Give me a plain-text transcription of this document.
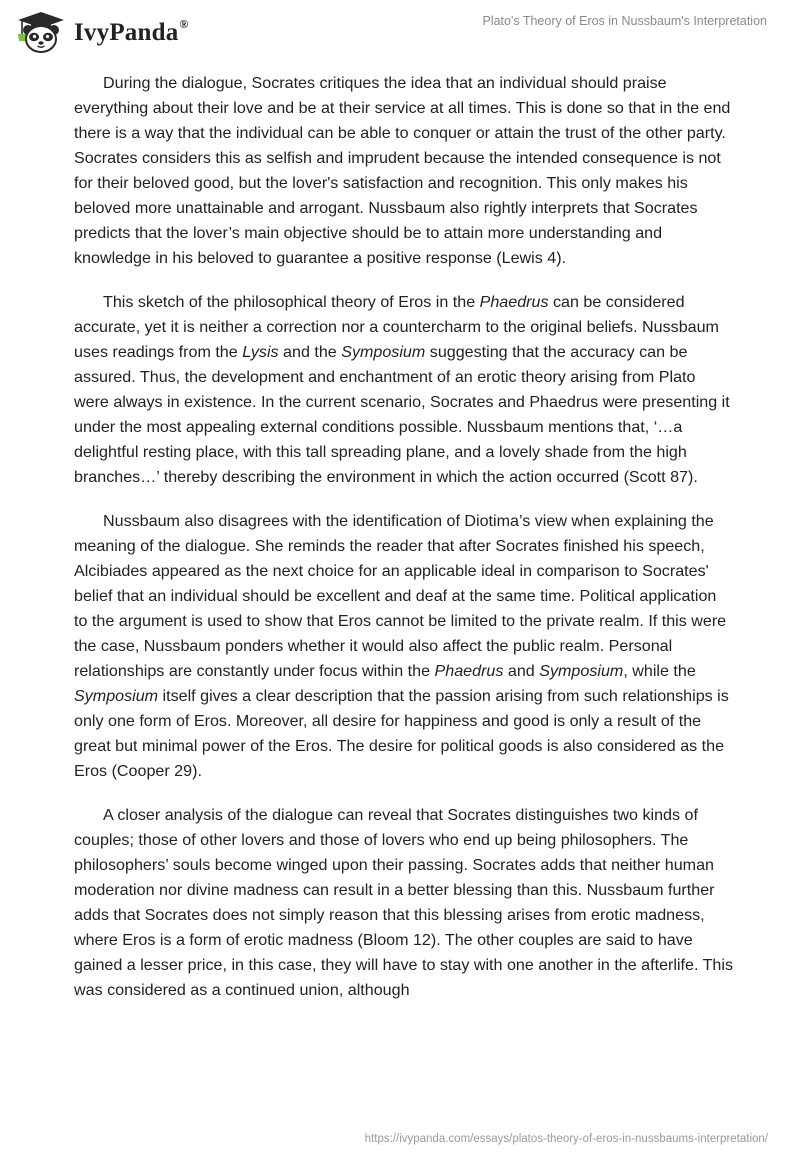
IvyPanda®	Plato's Theory of Eros in Nussbaum's Interpretation

During the dialogue, Socrates critiques the idea that an individual should praise everything about their love and be at their service at all times. This is done so that in the end there is a way that the individual can be able to conquer or attain the trust of the other party. Socrates considers this as selfish and imprudent because the intended consequence is not for their beloved good, but the lover's satisfaction and recognition. This only makes his beloved more unattainable and arrogant. Nussbaum also rightly interprets that Socrates predicts that the lover’s main objective should be to attain more understanding and knowledge in his beloved to guarantee a positive response (Lewis 4).

This sketch of the philosophical theory of Eros in the Phaedrus can be considered accurate, yet it is neither a correction nor a countercharm to the original beliefs. Nussbaum uses readings from the Lysis and the Symposium suggesting that the accuracy can be assured. Thus, the development and enchantment of an erotic theory arising from Plato were always in existence. In the current scenario, Socrates and Phaedrus were presenting it under the most appealing external conditions possible. Nussbaum mentions that, ‘…a delightful resting place, with this tall spreading plane, and a lovely shade from the high branches…’ thereby describing the environment in which the action occurred (Scott 87).

Nussbaum also disagrees with the identification of Diotima’s view when explaining the meaning of the dialogue. She reminds the reader that after Socrates finished his speech, Alcibiades appeared as the next choice for an applicable ideal in comparison to Socrates' belief that an individual should be excellent and deaf at the same time. Political application to the argument is used to show that Eros cannot be limited to the private realm. If this were the case, Nussbaum ponders whether it would also affect the public realm. Personal relationships are constantly under focus within the Phaedrus and Symposium, while the Symposium itself gives a clear description that the passion arising from such relationships is only one form of Eros. Moreover, all desire for happiness and good is only a result of the great but minimal power of the Eros. The desire for political goods is also considered as the Eros (Cooper 29).

A closer analysis of the dialogue can reveal that Socrates distinguishes two kinds of couples; those of other lovers and those of lovers who end up being philosophers. The philosophers’ souls become winged upon their passing. Socrates adds that neither human moderation nor divine madness can result in a better blessing than this. Nussbaum further adds that Socrates does not simply reason that this blessing arises from erotic madness, where Eros is a form of erotic madness (Bloom 12). The other couples are said to have gained a lesser price, in this case, they will have to stay with one another in the afterlife. This was considered as a continued union, although

https://ivypanda.com/essays/platos-theory-of-eros-in-nussbaums-interpretation/
